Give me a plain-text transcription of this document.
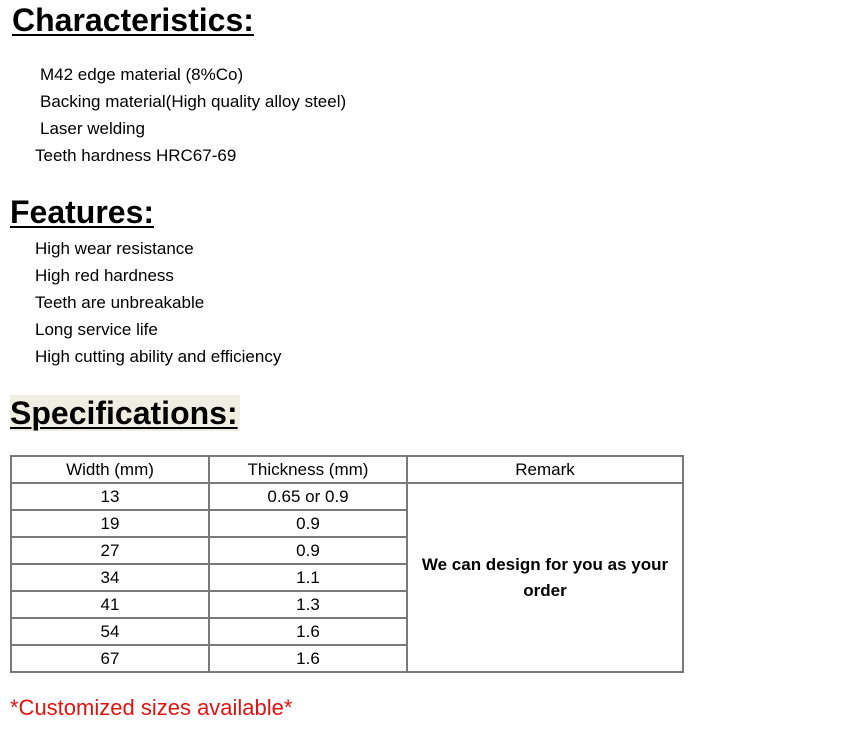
Characteristics:
M42 edge material (8%Co)
Backing material(High quality alloy steel)
Laser welding
Teeth hardness HRC67-69
Features:
High wear resistance
High red hardness
Teeth are unbreakable
Long service life
High cutting ability and efficiency
Specifications:
Width (mm)	Thickness (mm)	Remark
13	0.65 or 0.9	We can design for you as your order
19	0.9	
27	0.9	
34	1.1	
41	1.3	
54	1.6	
67	1.6	

*Customized sizes available*
